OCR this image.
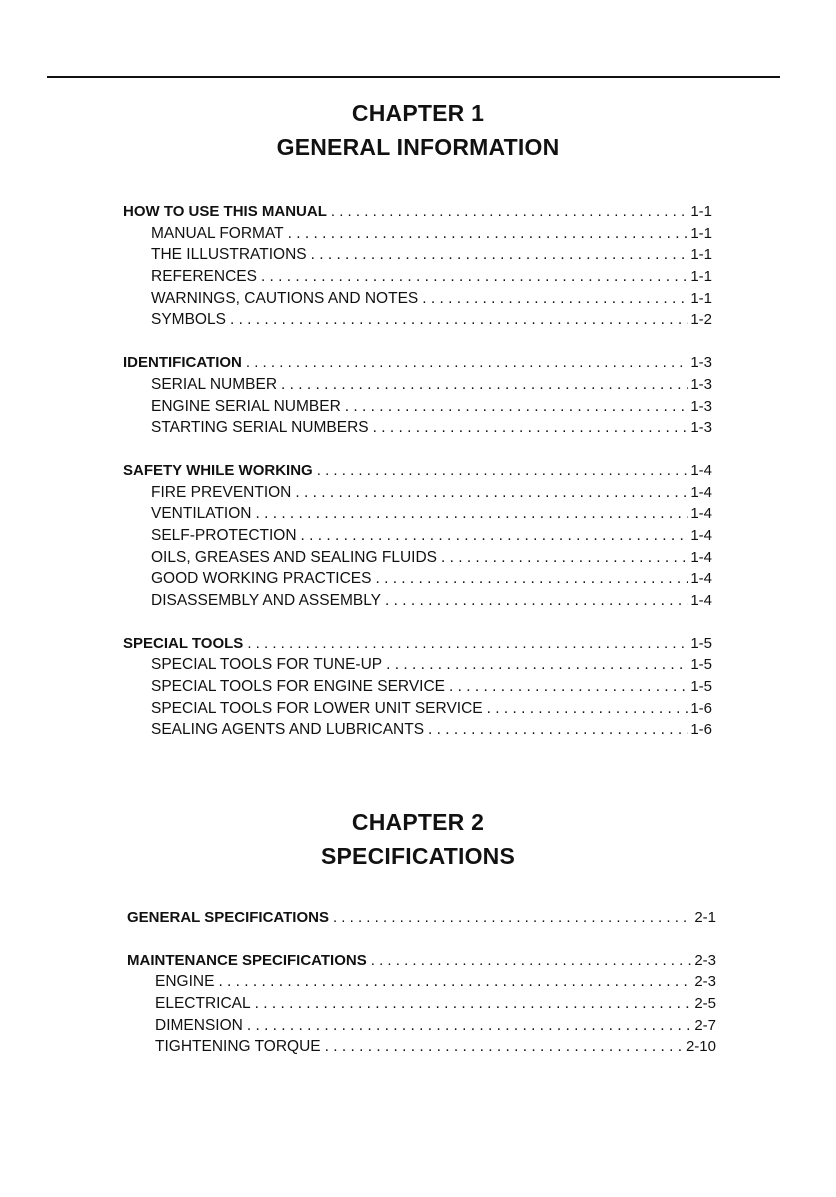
CHAPTER 1
GENERAL INFORMATION
HOW TO USE THIS MANUAL . . .	1-1
MANUAL FORMAT . . .	1-1
THE ILLUSTRATIONS . . .	1-1
REFERENCES . . .	1-1
WARNINGS, CAUTIONS AND NOTES . . .	1-1
SYMBOLS . . .	1-2
IDENTIFICATION . . .	1-3
SERIAL NUMBER . . .	1-3
ENGINE SERIAL NUMBER . . .	1-3
STARTING SERIAL NUMBERS . . .	1-3
SAFETY WHILE WORKING . . .	1-4
FIRE PREVENTION . . .	1-4
VENTILATION . . .	1-4
SELF-PROTECTION . . .	1-4
OILS, GREASES AND SEALING FLUIDS . . .	1-4
GOOD WORKING PRACTICES . . .	1-4
DISASSEMBLY AND ASSEMBLY . . .	1-4
SPECIAL TOOLS . . .	1-5
SPECIAL TOOLS FOR TUNE-UP . . .	1-5
SPECIAL TOOLS FOR ENGINE SERVICE . . .	1-5
SPECIAL TOOLS FOR LOWER UNIT SERVICE . . .	1-6
SEALING AGENTS AND LUBRICANTS . . .	1-6
CHAPTER 2
SPECIFICATIONS
GENERAL SPECIFICATIONS . . .	2-1
MAINTENANCE SPECIFICATIONS . . .	2-3
ENGINE . . .	2-3
ELECTRICAL . . .	2-5
DIMENSION . . .	2-7
TIGHTENING TORQUE . . .	2-10
